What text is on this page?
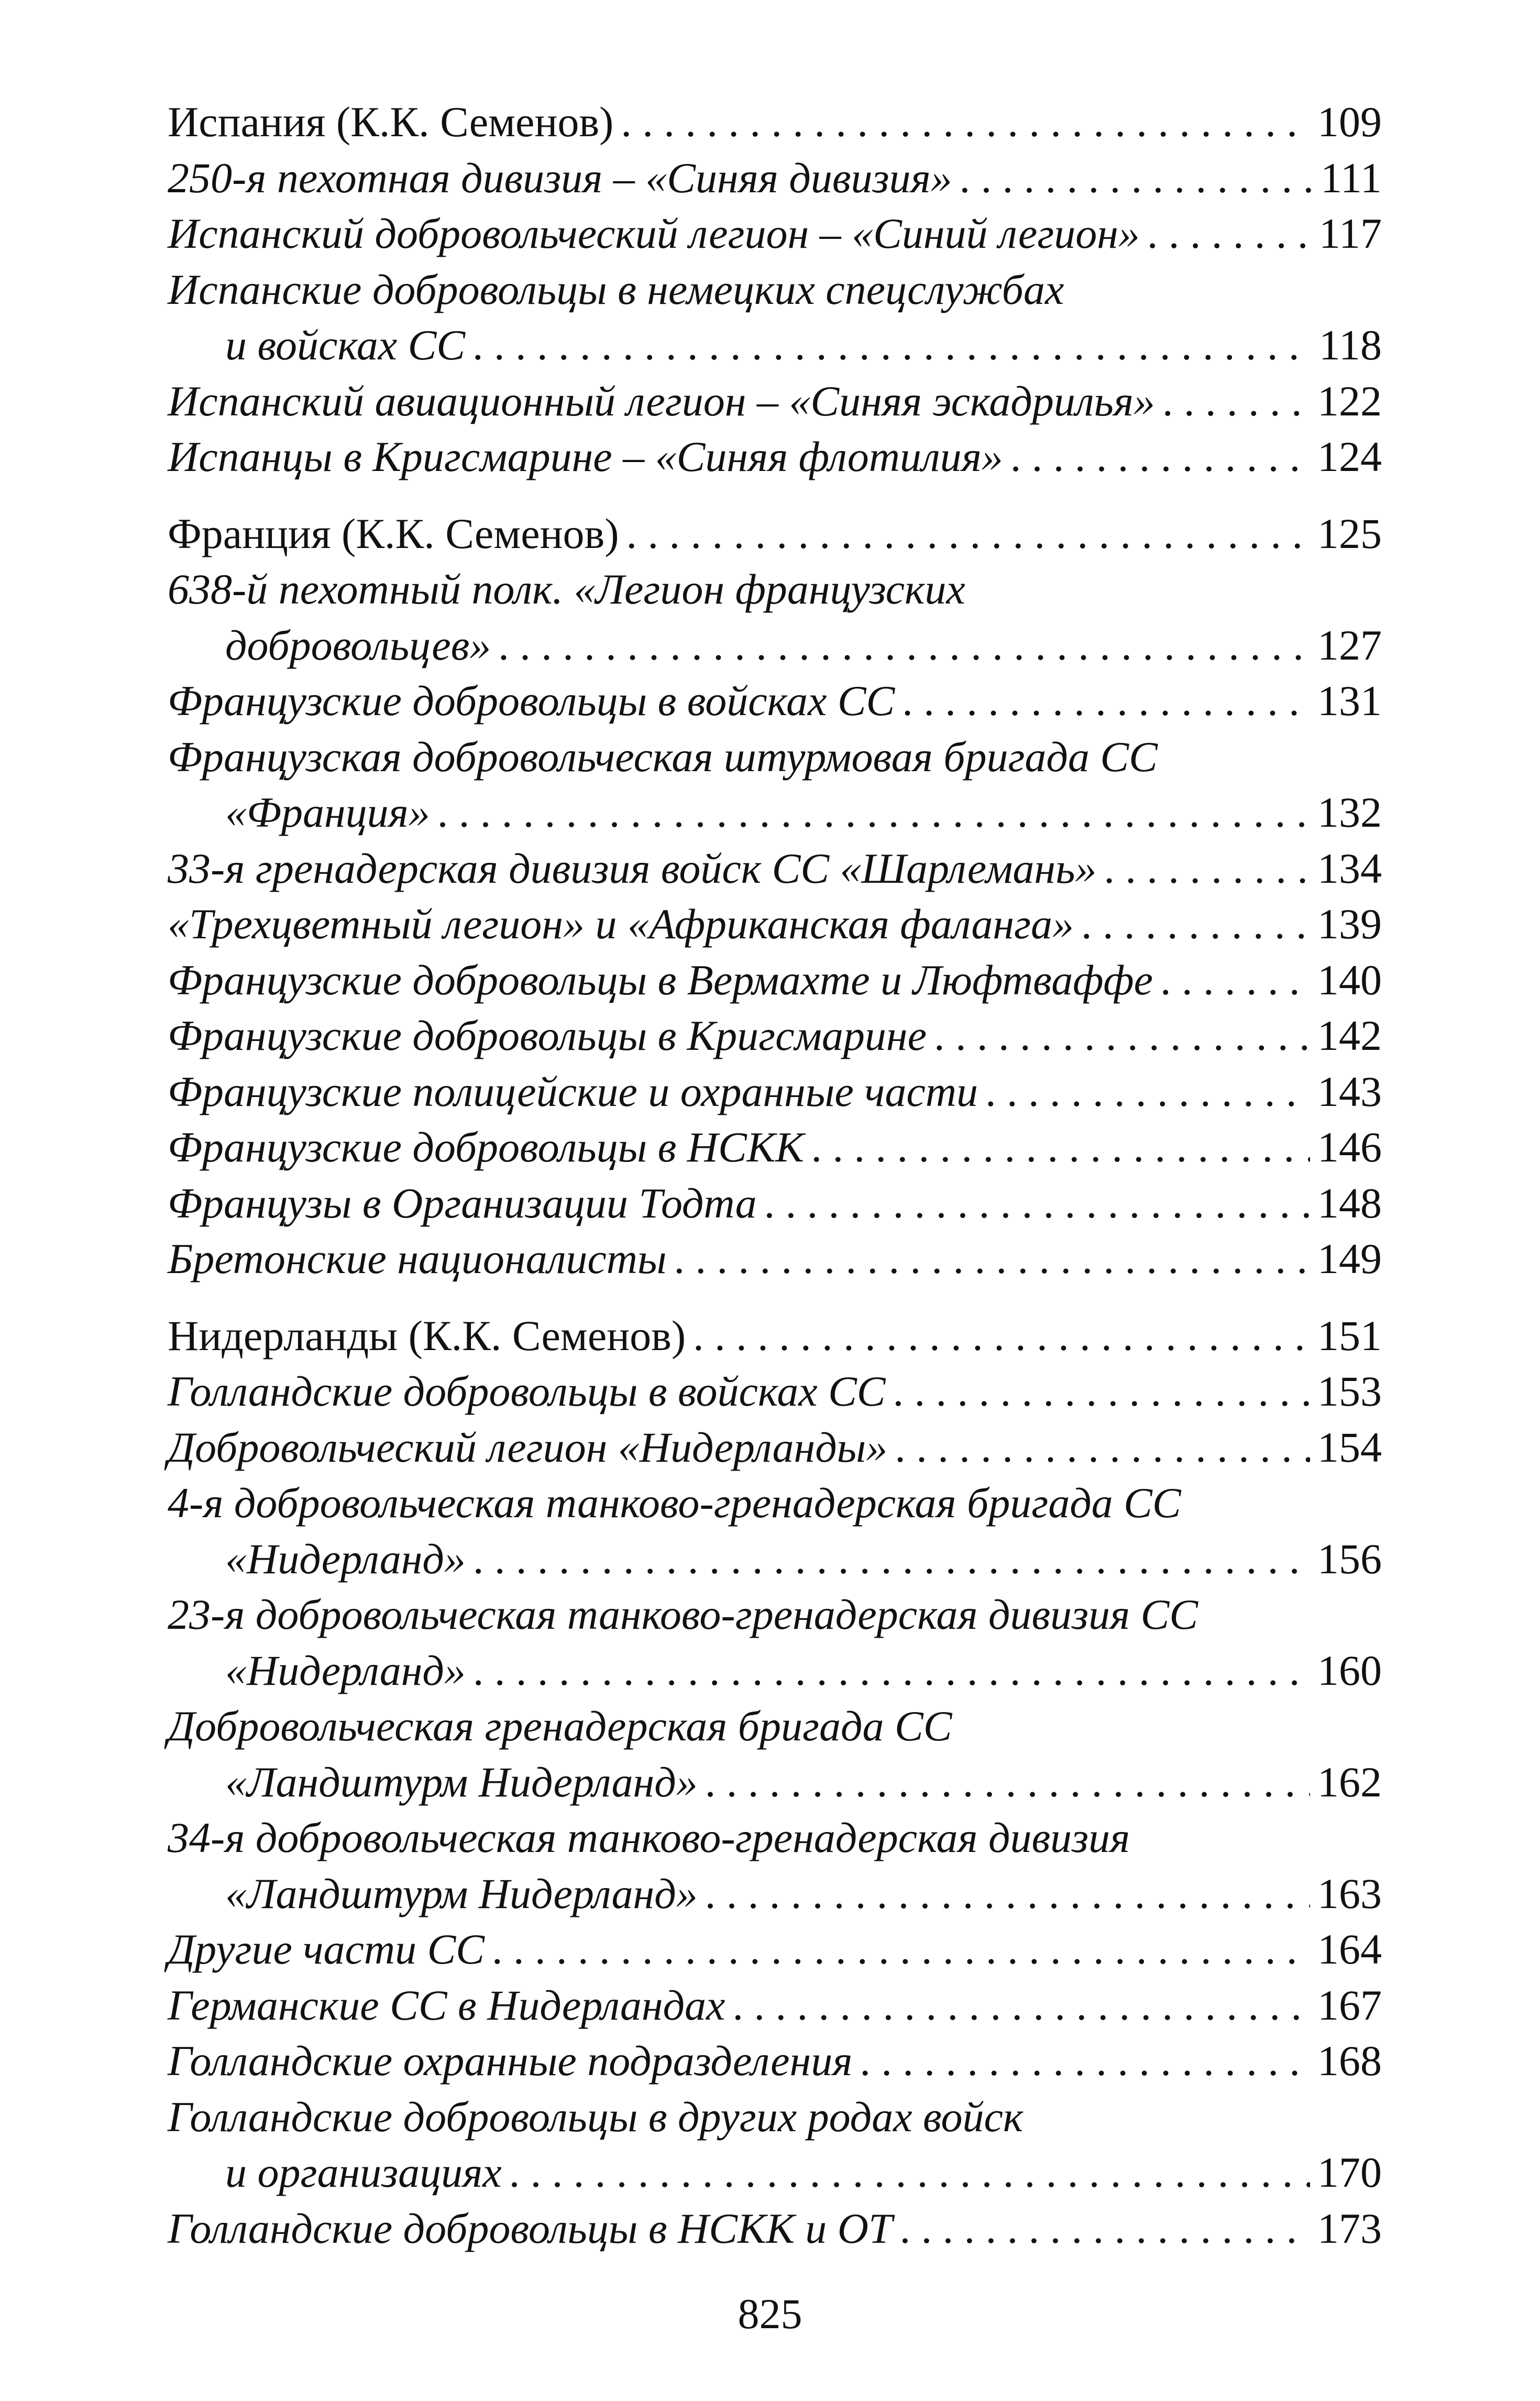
Испания (К.К. Семенов) . . .	109
250-я пехотная дивизия – «Синяя дивизия» . . .	111
Испанский добровольческий легион – «Синий легион» . . .	117
Испанские добровольцы в немецких спецслужбах
и войсках СС . . .	118
Испанский авиационный легион – «Синяя эскадрилья» . . .	122
Испанцы в Кригсмарине – «Синяя флотилия» . . .	124
Франция (К.К. Семенов) . . .	125
638-й пехотный полк. «Легион французских
добровольцев» . . .	127
Французские добровольцы в войсках СС . . .	131
Французская добровольческая штурмовая бригада СС
«Франция» . . .	132
33-я гренадерская дивизия войск СС «Шарлемань» . . .	134
«Трехцветный легион» и «Африканская фаланга» . . .	139
Французские добровольцы в Вермахте и Люфтваффе . . .	140
Французские добровольцы в Кригсмарине . . .	142
Французские полицейские и охранные части . . .	143
Французские добровольцы в НСКК . . .	146
Французы в Организации Тодта . . .	148
Бретонские националисты . . .	149
Нидерланды (К.К. Семенов) . . .	151
Голландские добровольцы в войсках СС . . .	153
Добровольческий легион «Нидерланды» . . .	154
4-я добровольческая танково-гренадерская бригада СС
«Нидерланд» . . .	156
23-я добровольческая танково-гренадерская дивизия СС
«Нидерланд» . . .	160
Добровольческая гренадерская бригада СС
«Ландштурм Нидерланд» . . .	162
34-я добровольческая танково-гренадерская дивизия
«Ландштурм Нидерланд» . . .	163
Другие части СС . . .	164
Германские СС в Нидерландах . . .	167
Голландские охранные подразделения . . .	168
Голландские добровольцы в других родах войск
и организациях . . .	170
Голландские добровольцы в НСКК и ОТ . . .	173
825
